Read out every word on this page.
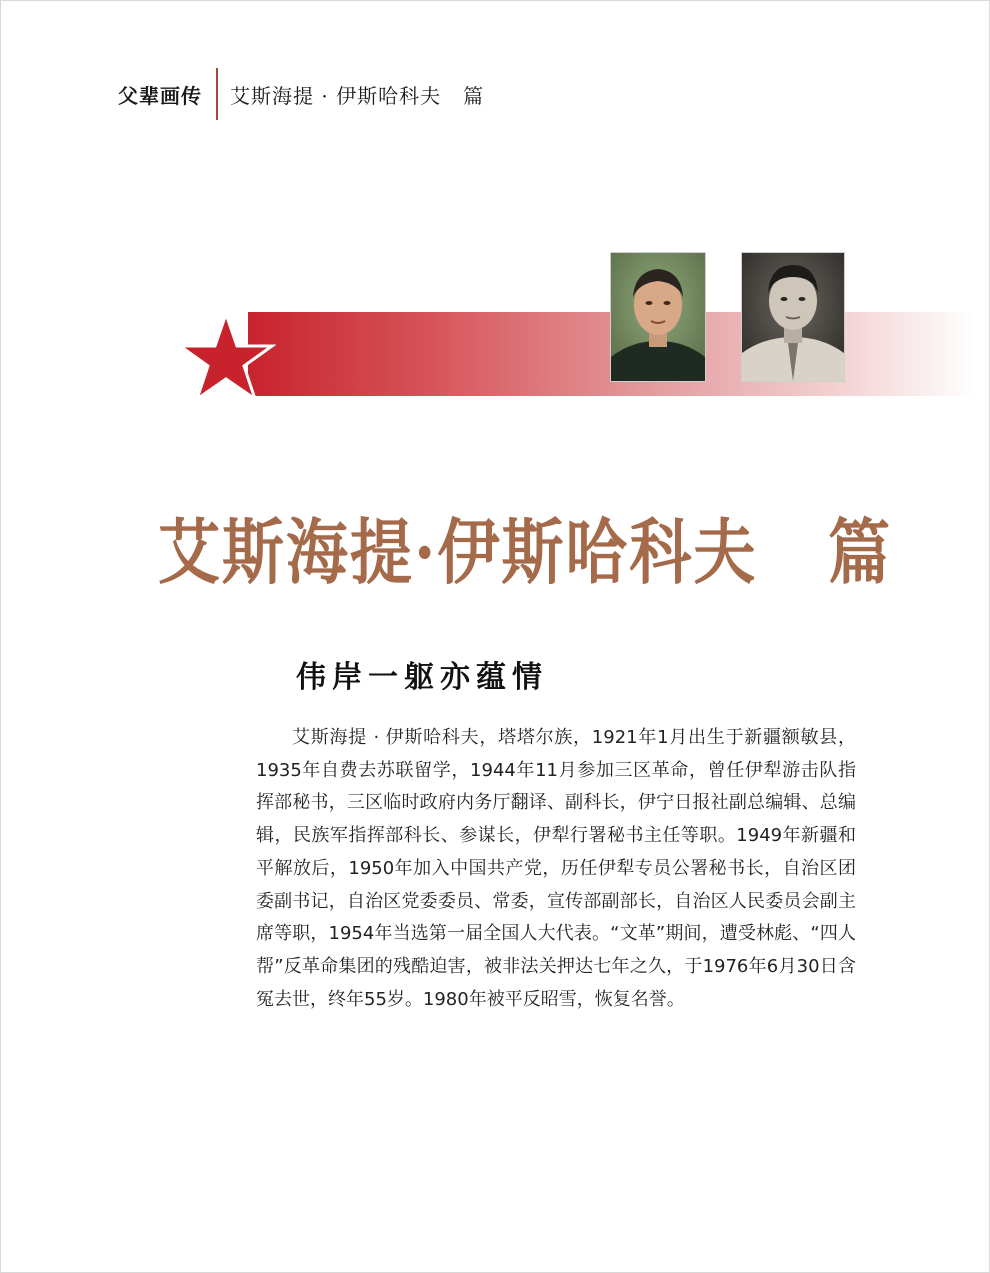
父辈画传 艾斯海提 · 伊斯哈科夫   篇
艾斯海提·伊斯哈科夫   篇
伟岸一躯亦蕴情

艾斯海提 · 伊斯哈科夫，塔塔尔族，1921年1月出生于新疆额敏县，1935年自费去苏联留学，1944年11月参加三区革命，曾任伊犁游击队指挥部秘书，三区临时政府内务厅翻译、副科长，伊宁日报社副总编辑、总编辑，民族军指挥部科长、参谋长，伊犁行署秘书主任等职。1949年新疆和平解放后，1950年加入中国共产党，历任伊犁专员公署秘书长，自治区团委副书记，自治区党委委员、常委，宣传部副部长，自治区人民委员会副主席等职，1954年当选第一届全国人大代表。“文革”期间，遭受林彪、“四人帮”反革命集团的残酷迫害，被非法关押达七年之久，于1976年6月30日含冤去世，终年55岁。1980年被平反昭雪，恢复名誉。
